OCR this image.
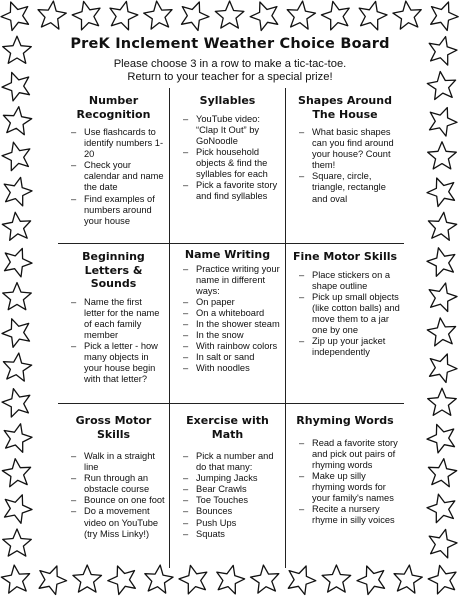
PreK Inclement Weather Choice Board
Please choose 3 in a row to make a tic-tac-toe.
Return to your teacher for a special prize!
Number Recognition
– Use flashcards to identify numbers 1-20
– Check your calendar and name the date
– Find examples of numbers around your house
Syllables
– YouTube video: “Clap It Out” by GoNoodle
– Pick household objects & find the syllables for each
– Pick a favorite story and find syllables
Shapes Around The House
– What basic shapes can you find around your house? Count them!
– Square, circle, triangle, rectangle and oval
Beginning Letters & Sounds
– Name the first letter for the name of each family member
– Pick a letter - how many objects in your house begin with that letter?
Name Writing
– Practice writing your name in different ways:
– On paper
– On a whiteboard
– In the shower steam
– In the snow
– With rainbow colors
– In salt or sand
– With noodles
Fine Motor Skills
– Place stickers on a shape outline
– Pick up small objects (like cotton balls) and move them to a jar one by one
– Zip up your jacket independently
Gross Motor Skills
– Walk in a straight line
– Run through an obstacle course
– Bounce on one foot
– Do a movement video on YouTube (try Miss Linky!)
Exercise with Math
– Pick a number and do that many:
– Jumping Jacks
– Bear Crawls
– Toe Touches
– Bounces
– Push Ups
– Squats
Rhyming Words
– Read a favorite story and pick out pairs of rhyming words
– Make up silly rhyming words for your family's names
– Recite a nursery rhyme in silly voices
